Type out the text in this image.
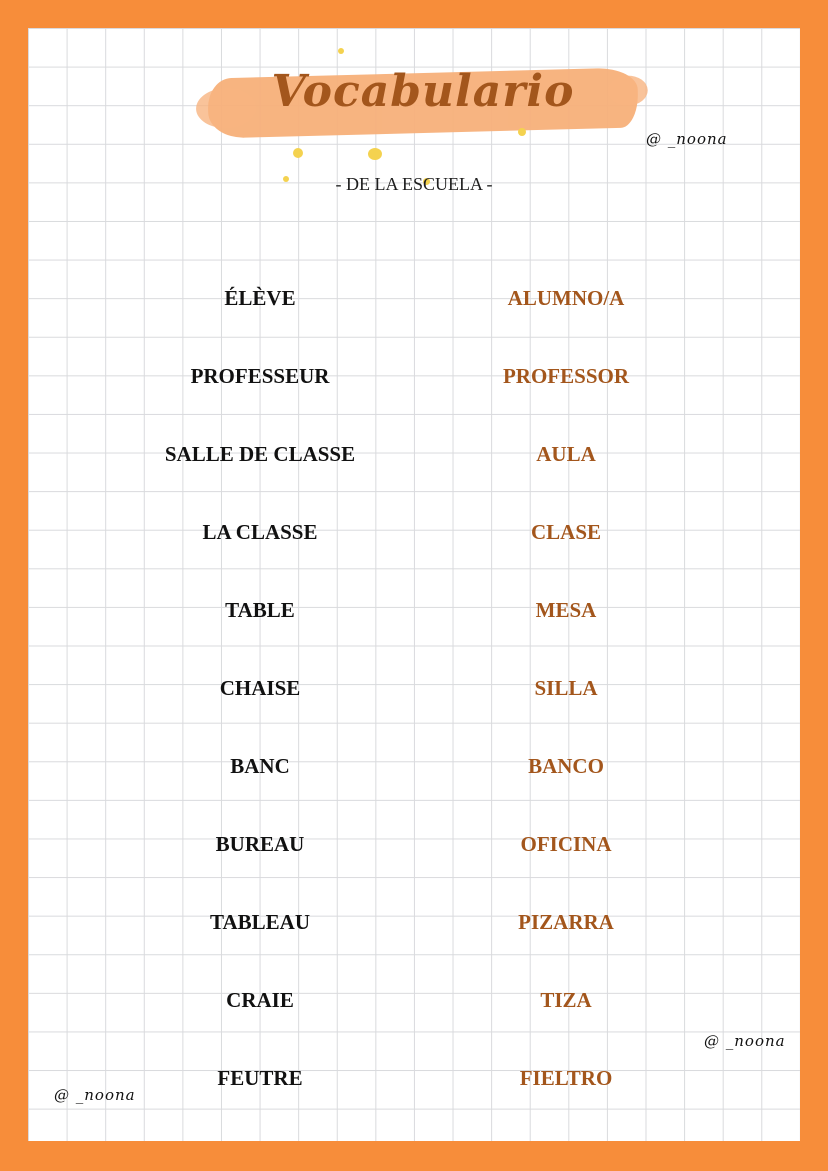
Vocabulario
- DE LA ESCUELA -
@ _noona
@ _noona
@ _noona
ÉLÈVE	ALUMNO/A
PROFESSEUR	PROFESSOR
SALLE DE CLASSE	AULA
LA CLASSE	CLASE
TABLE	MESA
CHAISE	SILLA
BANC	BANCO
BUREAU	OFICINA
TABLEAU	PIZARRA
CRAIE	TIZA
FEUTRE	FIELTRO
